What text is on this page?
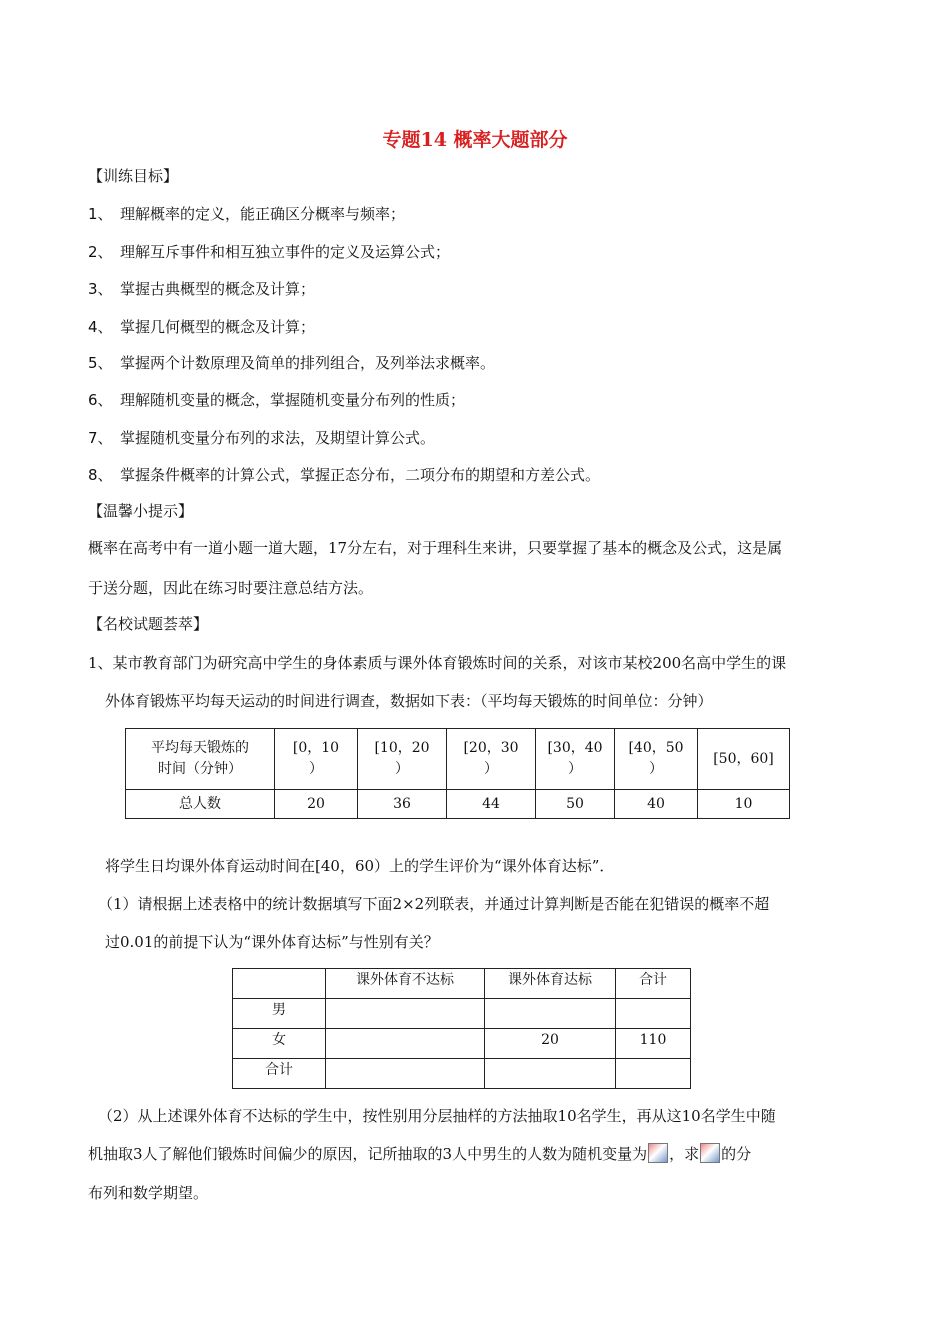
专题14 概率大题部分
【训练目标】
1、 理解概率的定义，能正确区分概率与频率；
2、 理解互斥事件和相互独立事件的定义及运算公式；
3、 掌握古典概型的概念及计算；
4、 掌握几何概型的概念及计算；
5、 掌握两个计数原理及简单的排列组合，及列举法求概率。
6、 理解随机变量的概念，掌握随机变量分布列的性质；
7、 掌握随机变量分布列的求法，及期望计算公式。
8、 掌握条件概率的计算公式，掌握正态分布，二项分布的期望和方差公式。
【温馨小提示】
概率在高考中有一道小题一道大题，17分左右，对于理科生来讲，只要掌握了基本的概念及公式，这是属
于送分题，因此在练习时要注意总结方法。
【名校试题荟萃】
1、某市教育部门为研究高中学生的身体素质与课外体育锻炼时间的关系，对该市某校200名高中学生的课
外体育锻炼平均每天运动的时间进行调查，数据如下表：（平均每天锻炼的时间单位：分钟）
平均每天锻炼的
时间（分钟）	[0，10
）	[10，20
）	[20，30
）	[30，40
）	[40，50
）	[50，60]
总人数	20	36	44	50	40	10
将学生日均课外体育运动时间在[40，60）上的学生评价为“课外体育达标”．
（1）请根据上述表格中的统计数据填写下面2×2列联表，并通过计算判断是否能在犯错误的概率不超
过0.01的前提下认为“课外体育达标”与性别有关？
	课外体育不达标	课外体育达标	合计
男			
女		20	110
合计			
（2）从上述课外体育不达标的学生中，按性别用分层抽样的方法抽取10名学生，再从这10名学生中随
机抽取3人了解他们锻炼时间偏少的原因，记所抽取的3人中男生的人数为随机变量为 ，求 的分
布列和数学期望。
